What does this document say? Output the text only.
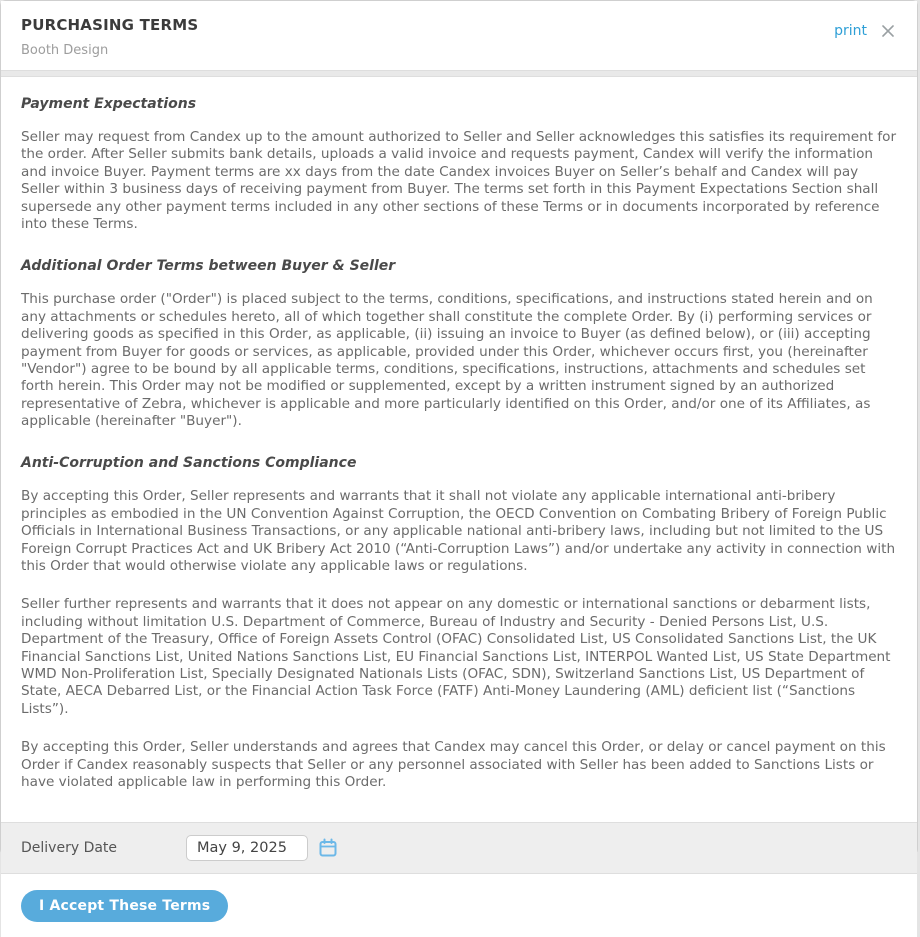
PURCHASING TERMS
Booth Design
print
Payment Expectations

Seller may request from Candex up to the amount authorized to Seller and Seller acknowledges this satisfies its requirement for the order. After Seller submits bank details, uploads a valid invoice and requests payment, Candex will verify the information and invoice Buyer. Payment terms are xx days from the date Candex invoices Buyer on Seller’s behalf and Candex will pay Seller within 3 business days of receiving payment from Buyer. The terms set forth in this Payment Expectations Section shall supersede any other payment terms included in any other sections of these Terms or in documents incorporated by reference into these Terms.

Additional Order Terms between Buyer & Seller

This purchase order ("Order") is placed subject to the terms, conditions, specifications, and instructions stated herein and on any attachments or schedules hereto, all of which together shall constitute the complete Order. By (i) performing services or delivering goods as specified in this Order, as applicable, (ii) issuing an invoice to Buyer (as defined below), or (iii) accepting payment from Buyer for goods or services, as applicable, provided under this Order, whichever occurs first, you (hereinafter "Vendor") agree to be bound by all applicable terms, conditions, specifications, instructions, attachments and schedules set forth herein. This Order may not be modified or supplemented, except by a written instrument signed by an authorized representative of Zebra, whichever is applicable and more particularly identified on this Order, and/or one of its Affiliates, as applicable (hereinafter "Buyer").

Anti-Corruption and Sanctions Compliance

By accepting this Order, Seller represents and warrants that it shall not violate any applicable international anti-bribery principles as embodied in the UN Convention Against Corruption, the OECD Convention on Combating Bribery of Foreign Public Officials in International Business Transactions, or any applicable national anti-bribery laws, including but not limited to the US Foreign Corrupt Practices Act and UK Bribery Act 2010 (“Anti-Corruption Laws”) and/or undertake any activity in connection with this Order that would otherwise violate any applicable laws or regulations.

Seller further represents and warrants that it does not appear on any domestic or international sanctions or debarment lists, including without limitation U.S. Department of Commerce, Bureau of Industry and Security - Denied Persons List, U.S. Department of the Treasury, Office of Foreign Assets Control (OFAC) Consolidated List, US Consolidated Sanctions List, the UK Financial Sanctions List, United Nations Sanctions List, EU Financial Sanctions List, INTERPOL Wanted List, US State Department WMD Non-Proliferation List, Specially Designated Nationals Lists (OFAC, SDN), Switzerland Sanctions List, US Department of State, AECA Debarred List, or the Financial Action Task Force (FATF) Anti-Money Laundering (AML) deficient list (“Sanctions Lists”).

By accepting this Order, Seller understands and agrees that Candex may cancel this Order, or delay or cancel payment on this Order if Candex reasonably suspects that Seller or any personnel associated with Seller has been added to Sanctions Lists or have violated applicable law in performing this Order.

Delivery Date
May 9, 2025
I Accept These Terms
